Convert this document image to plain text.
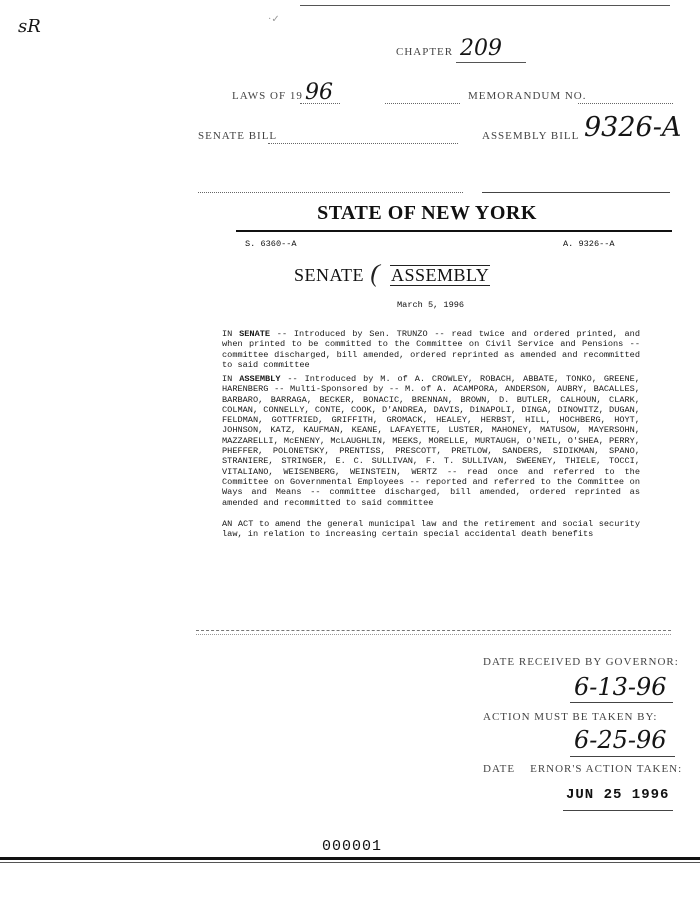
sR	·✓
CHAPTER 209
LAWS OF 19 96	MEMORANDUM NO.
SENATE BILL	ASSEMBLY BILL 9326-A
STATE OF NEW YORK
S. 6360--A	A. 9326--A
SENATE ( ASSEMBLY
March 5, 1996
IN SENATE -- Introduced by Sen. TRUNZO -- read twice and ordered printed, and when printed to be committed to the Committee on Civil Service and Pensions -- committee discharged, bill amended, ordered reprinted as amended and recommitted to said committee
IN ASSEMBLY -- Introduced by M. of A. CROWLEY, ROBACH, ABBATE, TONKO, GREENE, HARENBERG -- Multi-Sponsored by -- M. of A. ACAMPORA, ANDERSON, AUBRY, BACALLES, BARBARO, BARRAGA, BECKER, BONACIC, BRENNAN, BROWN, D. BUTLER, CALHOUN, CLARK, COLMAN, CONNELLY, CONTE, COOK, D'ANDREA, DAVIS, DiNAPOLI, DINGA, DINOWITZ, DUGAN, FELDMAN, GOTTFRIED, GRIFFITH, GROMACK, HEALEY, HERBST, HILL, HOCHBERG, HOYT, JOHNSON, KATZ, KAUFMAN, KEANE, LAFAYETTE, LUSTER, MAHONEY, MATUSOW, MAYERSOHN, MAZZARELLI, McENENY, McLAUGHLIN, MEEKS, MORELLE, MURTAUGH, O'NEIL, O'SHEA, PERRY, PHEFFER, POLONETSKY, PRENTISS, PRESCOTT, PRETLOW, SANDERS, SIDIKMAN, SPANO, STRANIERE, STRINGER, E. C. SULLIVAN, F. T. SULLIVAN, SWEENEY, THIELE, TOCCI, VITALIANO, WEISENBERG, WEINSTEIN, WERTZ -- read once and referred to the Committee on Governmental Employees -- reported and referred to the Committee on Ways and Means -- committee discharged, bill amended, ordered reprinted as amended and recommitted to said committee
AN ACT to amend the general municipal law and the retirement and social security law, in relation to increasing certain special accidental death benefits
DATE RECEIVED BY GOVERNOR:
6-13-96
ACTION MUST BE TAKEN BY:
6-25-96
DATE    ERNOR'S ACTION TAKEN:
JUN 25 1996
000001
